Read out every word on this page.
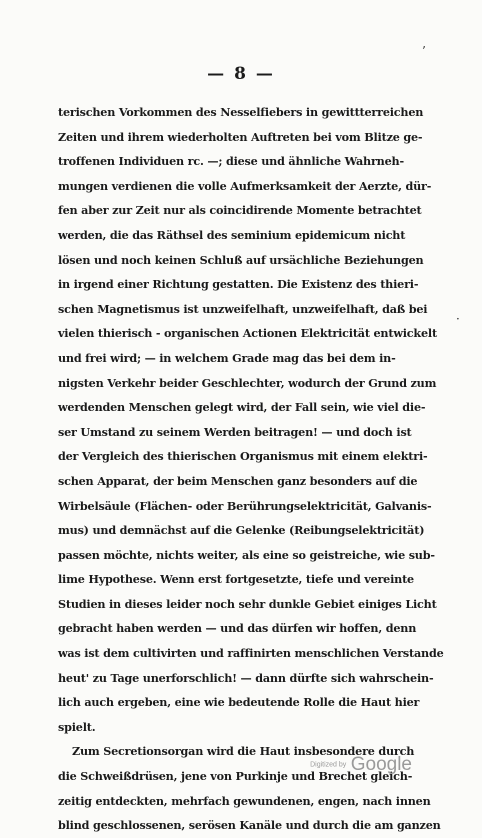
— 8 —
’
·
terischen Vorkommen des Nesselfiebers in gewittterreichen
Zeiten und ihrem wiederholten Auftreten bei vom Blitze ge-
troffenen Individuen rc. —; diese und ähnliche Wahrneh-
mungen verdienen die volle Aufmerksamkeit der Aerzte, dür-
fen aber zur Zeit nur als coincidirende Momente betrachtet
werden, die das Räthsel des seminium epidemicum nicht
lösen und noch keinen Schluß auf ursächliche Beziehungen
in irgend einer Richtung gestatten. Die Existenz des thieri-
schen Magnetismus ist unzweifelhaft, unzweifelhaft, daß bei
vielen thierisch - organischen Actionen Elektricität entwickelt
und frei wird; — in welchem Grade mag das bei dem in-
nigsten Verkehr beider Geschlechter, wodurch der Grund zum
werdenden Menschen gelegt wird, der Fall sein, wie viel die-
ser Umstand zu seinem Werden beitragen! — und doch ist
der Vergleich des thierischen Organismus mit einem elektri-
schen Apparat, der beim Menschen ganz besonders auf die
Wirbelsäule (Flächen- oder Berührungselektricität, Galvanis-
mus) und demnächst auf die Gelenke (Reibungselektricität)
passen möchte, nichts weiter, als eine so geistreiche, wie sub-
lime Hypothese. Wenn erst fortgesetzte, tiefe und vereinte
Studien in dieses leider noch sehr dunkle Gebiet einiges Licht
gebracht haben werden — und das dürfen wir hoffen, denn
was ist dem cultivirten und raffinirten menschlichen Verstande
heut' zu Tage unerforschlich! — dann dürfte sich wahrschein-
lich auch ergeben, eine wie bedeutende Rolle die Haut hier
spielt.
Zum Secretionsorgan wird die Haut insbesondere durch
die Schweißdrüsen, jene von Purkinje und Brechet gleich-
zeitig entdeckten, mehrfach gewundenen, engen, nach innen
blind geschlossenen, serösen Kanäle und durch die am ganzen
Digitized by Google
